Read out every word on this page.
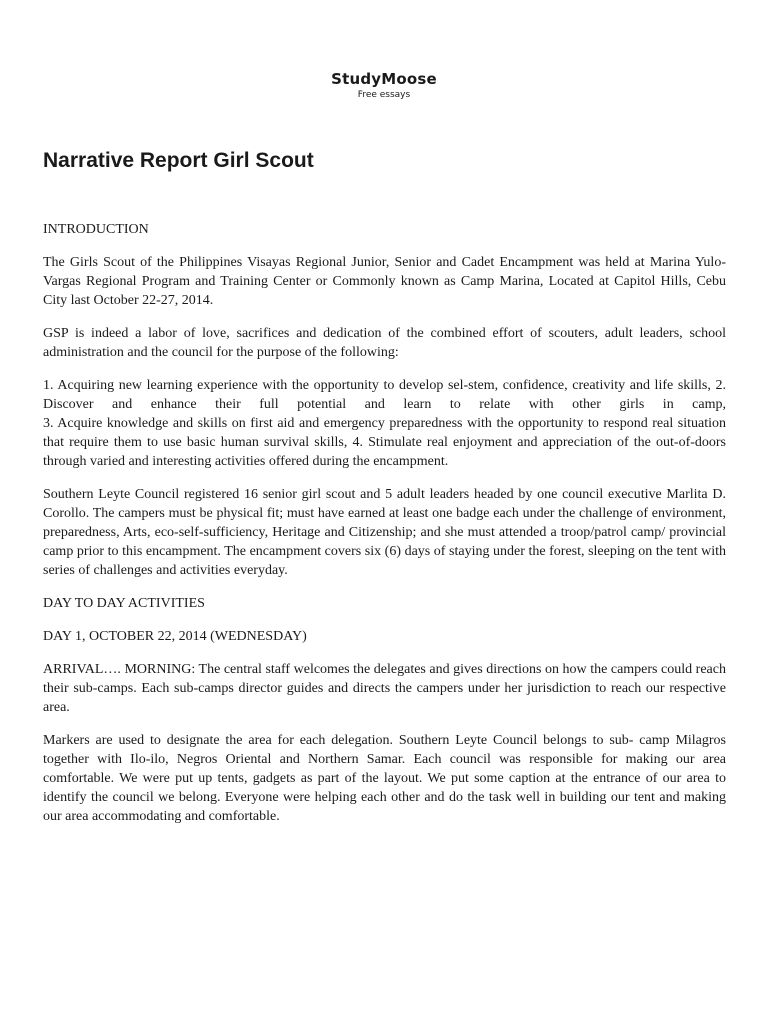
StudyMoose
Free essays
Narrative Report Girl Scout

INTRODUCTION

The Girls Scout of the Philippines Visayas Regional Junior, Senior and Cadet Encampment was held at Marina Yulo-Vargas Regional Program and Training Center or Commonly known as Camp Marina, Located at Capitol Hills, Cebu City last October 22-27, 2014.

GSP is indeed a labor of love, sacrifices and dedication of the combined effort of scouters, adult leaders, school administration and the council for the purpose of the following:

1. Acquiring new learning experience with the opportunity to develop sel-stem, confidence, creativity and life skills, 2. Discover and enhance their full potential and learn to relate with other girls in camp,
3. Acquire knowledge and skills on first aid and emergency preparedness with the opportunity to respond real situation that require them to use basic human survival skills, 4. Stimulate real enjoyment and appreciation of the out-of-doors through varied and interesting activities offered during the encampment.

Southern Leyte Council registered 16 senior girl scout and 5 adult leaders headed by one council executive Marlita D. Corollo. The campers must be physical fit; must have earned at least one badge each under the challenge of environment, preparedness, Arts, eco-self-sufficiency, Heritage and Citizenship; and she must attended a troop/patrol camp/ provincial camp prior to this encampment. The encampment covers six (6) days of staying under the forest, sleeping on the tent with series of challenges and activities everyday.

DAY TO DAY ACTIVITIES

DAY 1, OCTOBER 22, 2014 (WEDNESDAY)

ARRIVAL…. MORNING: The central staff welcomes the delegates and gives directions on how the campers could reach their sub-camps. Each sub-camps director guides and directs the campers under her jurisdiction to reach our respective area.

Markers are used to designate the area for each delegation. Southern Leyte Council belongs to sub- camp Milagros together with Ilo-ilo, Negros Oriental and Northern Samar. Each council was responsible for making our area comfortable. We were put up tents, gadgets as part of the layout. We put some caption at the entrance of our area to identify the council we belong. Everyone were helping each other and do the task well in building our tent and making our area accommodating and comfortable.
